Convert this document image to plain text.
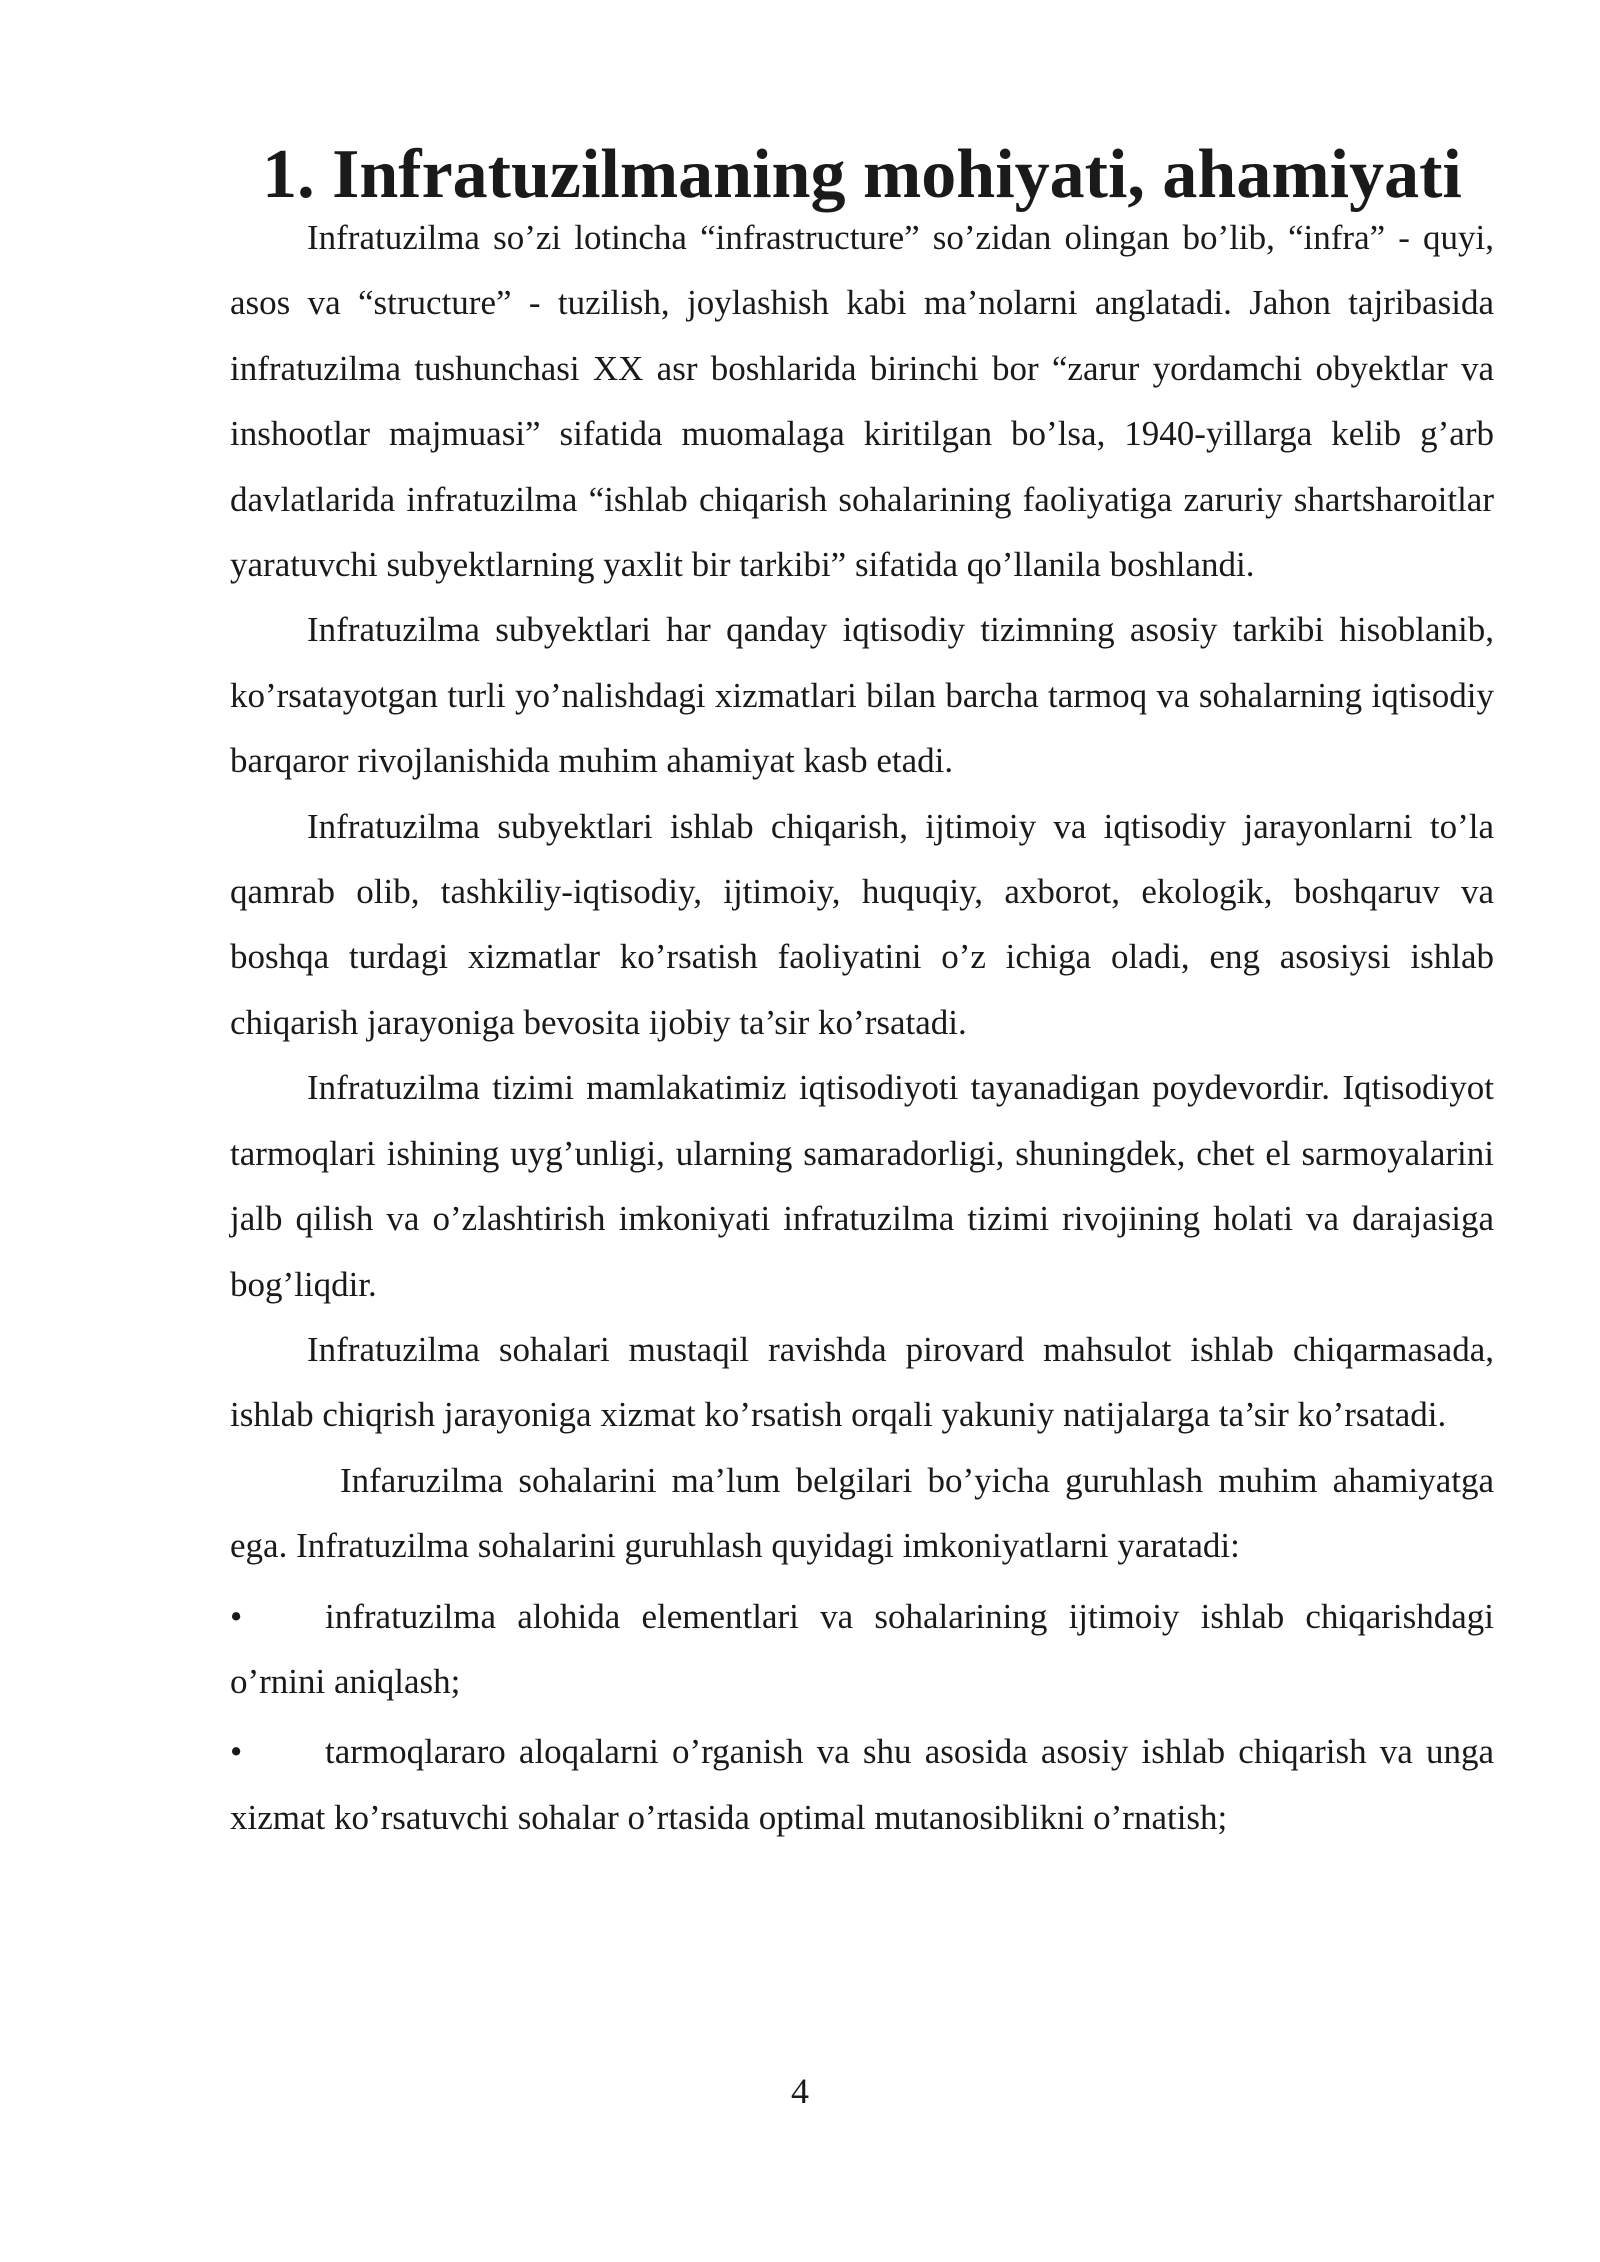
1. Infratuzilmaning mohiyati, ahamiyati

Infratuzilma so’zi lotincha “infrastructure” so’zidan olingan bo’lib, “infra” - quyi, asos va “structure” - tuzilish, joylashish kabi ma’nolarni anglatadi. Jahon tajribasida infratuzilma tushunchasi XX asr boshlarida birinchi bor “zarur yordamchi obyektlar va inshootlar majmuasi” sifatida muomalaga kiritilgan bo’lsa, 1940-yillarga kelib g’arb davlatlarida infratuzilma “ishlab chiqarish sohalarining faoliyatiga zaruriy shartsharoitlar yaratuvchi subyektlarning yaxlit bir tarkibi” sifatida qo’llanila boshlandi.

Infratuzilma subyektlari har qanday iqtisodiy tizimning asosiy tarkibi hisoblanib, ko’rsatayotgan turli yo’nalishdagi xizmatlari bilan barcha tarmoq va sohalarning iqtisodiy barqaror rivojlanishida muhim ahamiyat kasb etadi.

Infratuzilma subyektlari ishlab chiqarish, ijtimoiy va iqtisodiy jarayonlarni to’la qamrab olib, tashkiliy-iqtisodiy, ijtimoiy, huquqiy, axborot, ekologik, boshqaruv va boshqa turdagi xizmatlar ko’rsatish faoliyatini o’z ichiga oladi, eng asosiysi ishlab chiqarish jarayoniga bevosita ijobiy ta’sir ko’rsatadi.

Infratuzilma tizimi mamlakatimiz iqtisodiyoti tayanadigan poydevordir. Iqtisodiyot tarmoqlari ishining uyg’unligi, ularning samaradorligi, shuningdek, chet el sarmoyalarini jalb qilish va o’zlashtirish imkoniyati infratuzilma tizimi rivojining holati va darajasiga bog’liqdir.

Infratuzilma sohalari mustaqil ravishda pirovard mahsulot ishlab chiqarmasada, ishlab chiqrish jarayoniga xizmat ko’rsatish orqali yakuniy natijalarga ta’sir ko’rsatadi.

Infaruzilma sohalarini ma’lum belgilari bo’yicha guruhlash muhim ahamiyatga ega. Infratuzilma sohalarini guruhlash quyidagi imkoniyatlarni yaratadi:

• infratuzilma alohida elementlari va sohalarining ijtimoiy ishlab chiqarishdagi o’rnini aniqlash;

• tarmoqlararo aloqalarni o’rganish va shu asosida asosiy ishlab chiqarish va unga xizmat ko’rsatuvchi sohalar o’rtasida optimal mutanosiblikni o’rnatish;

4
